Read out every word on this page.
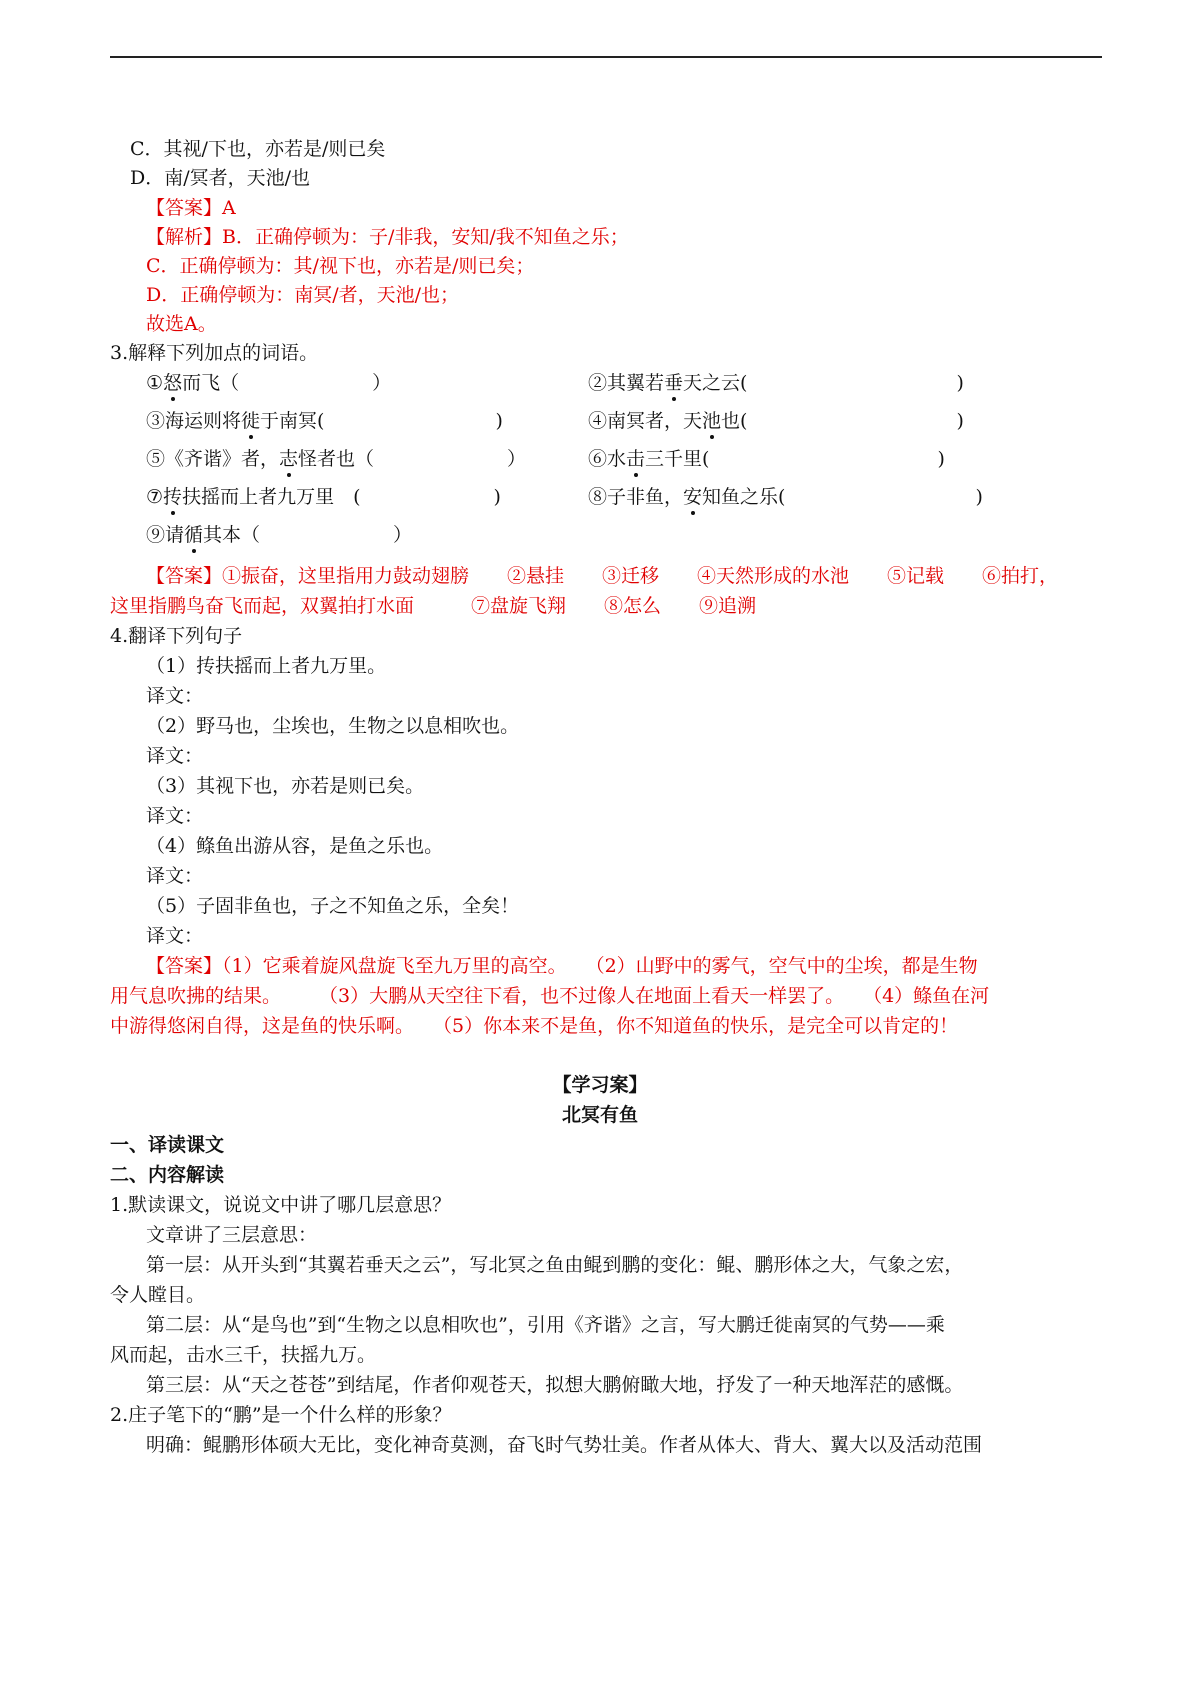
C．其视/下也，亦若是/则已矣
D．南/冥者，天池/也
【答案】A
【解析】B．正确停顿为：子/非我，安知/我不知鱼之乐；
C．正确停顿为：其/视下也，亦若是/则已矣；
D．正确停顿为：南冥/者，天池/也；
故选A。
3.解释下列加点的词语。
①怒而飞（　　　　　　　）	②其翼若垂天之云(　　　　　　　　　　　)
③海运则将徙于南冥(　　　　　　　　　)	④南冥者，天池也(　　　　　　　　　　　)
⑤《齐谐》者，志怪者也（　　　　　　　）	⑥水击三千里(　　　　　　　　　　　　)
⑦抟扶摇而上者九万里　(　　　　　　　)	⑧子非鱼，安知鱼之乐(　　　　　　　　　　)
⑨请循其本（　　　　　　　）
【答案】①振奋，这里指用力鼓动翅膀　　②悬挂　　③迁移　　④天然形成的水池　　⑤记载　　⑥拍打，
这里指鹏鸟奋飞而起，双翼拍打水面　　　⑦盘旋飞翔　　⑧怎么　　⑨追溯
4.翻译下列句子
（1）抟扶摇而上者九万里。
译文：
（2）野马也，尘埃也，生物之以息相吹也。
译文：
（3）其视下也，亦若是则已矣。
译文：
（4）鲦鱼出游从容，是鱼之乐也。
译文：
（5）子固非鱼也，子之不知鱼之乐，全矣！
译文：
【答案】（1）它乘着旋风盘旋飞至九万里的高空。　　（2）山野中的雾气，空气中的尘埃，都是生物
用气息吹拂的结果。　　　（3）大鹏从天空往下看，也不过像人在地面上看天一样罢了。　　（4）鲦鱼在河
中游得悠闲自得，这是鱼的快乐啊。　　（5）你本来不是鱼，你不知道鱼的快乐，是完全可以肯定的！
【学习案】
北冥有鱼
一、译读课文
二、内容解读
1.默读课文，说说文中讲了哪几层意思？
文章讲了三层意思：
第一层：从开头到“其翼若垂天之云”，写北冥之鱼由鲲到鹏的变化：鲲、鹏形体之大，气象之宏，
令人瞠目。
第二层：从“是鸟也”到“生物之以息相吹也”，引用《齐谐》之言，写大鹏迁徙南冥的气势——乘
风而起，击水三千，扶摇九万。
第三层：从“天之苍苍”到结尾，作者仰观苍天，拟想大鹏俯瞰大地，抒发了一种天地浑茫的感慨。
2.庄子笔下的“鹏”是一个什么样的形象？
明确：鲲鹏形体硕大无比，变化神奇莫测，奋飞时气势壮美。作者从体大、背大、翼大以及活动范围
